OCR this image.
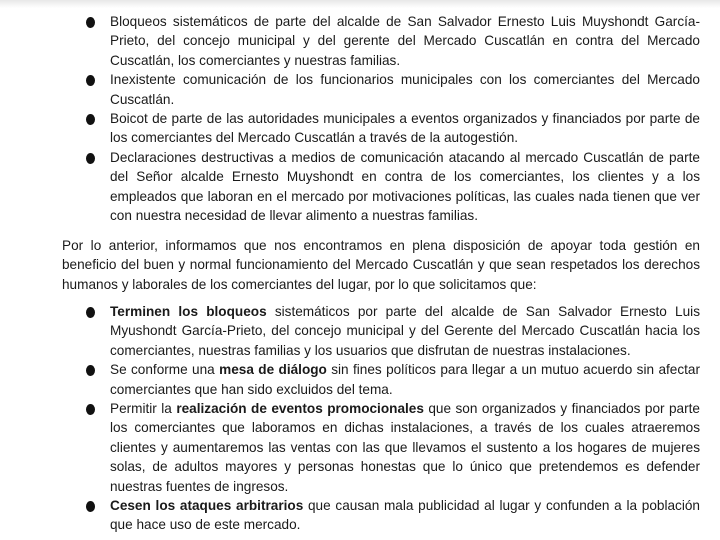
Bloqueos sistemáticos de parte del alcalde de San Salvador Ernesto Luis Muyshondt García-Prieto, del concejo municipal y del gerente del Mercado Cuscatlán en contra del Mercado Cuscatlán, los comerciantes y nuestras familias.
Inexistente comunicación de los funcionarios municipales con los comerciantes del Mercado Cuscatlán.
Boicot de parte de las autoridades municipales a eventos organizados y financiados por parte de los comerciantes del Mercado Cuscatlán a través de la autogestión.
Declaraciones destructivas a medios de comunicación atacando al mercado Cuscatlán de parte del Señor alcalde Ernesto Muyshondt en contra de los comerciantes, los clientes y a los empleados que laboran en el mercado por motivaciones políticas, las cuales nada tienen que ver con nuestra necesidad de llevar alimento a nuestras familias.

Por lo anterior, informamos que nos encontramos en plena disposición de apoyar toda gestión en beneficio del buen y normal funcionamiento del Mercado Cuscatlán y que sean respetados los derechos humanos y laborales de los comerciantes del lugar, por lo que solicitamos que:

Terminen los bloqueos sistemáticos por parte del alcalde de San Salvador Ernesto Luis Myushondt García-Prieto, del concejo municipal y del Gerente del Mercado Cuscatlán hacia los comerciantes, nuestras familias y los usuarios que disfrutan de nuestras instalaciones.
Se conforme una mesa de diálogo sin fines políticos para llegar a un mutuo acuerdo sin afectar comerciantes que han sido excluidos del tema.
Permitir la realización de eventos promocionales que son organizados y financiados por parte los comerciantes que laboramos en dichas instalaciones, a través de los cuales atraeremos clientes y aumentaremos las ventas con las que llevamos el sustento a los hogares de mujeres solas, de adultos mayores y personas honestas que lo único que pretendemos es defender nuestras fuentes de ingresos.
Cesen los ataques arbitrarios que causan mala publicidad al lugar y confunden a la población que hace uso de este mercado.
